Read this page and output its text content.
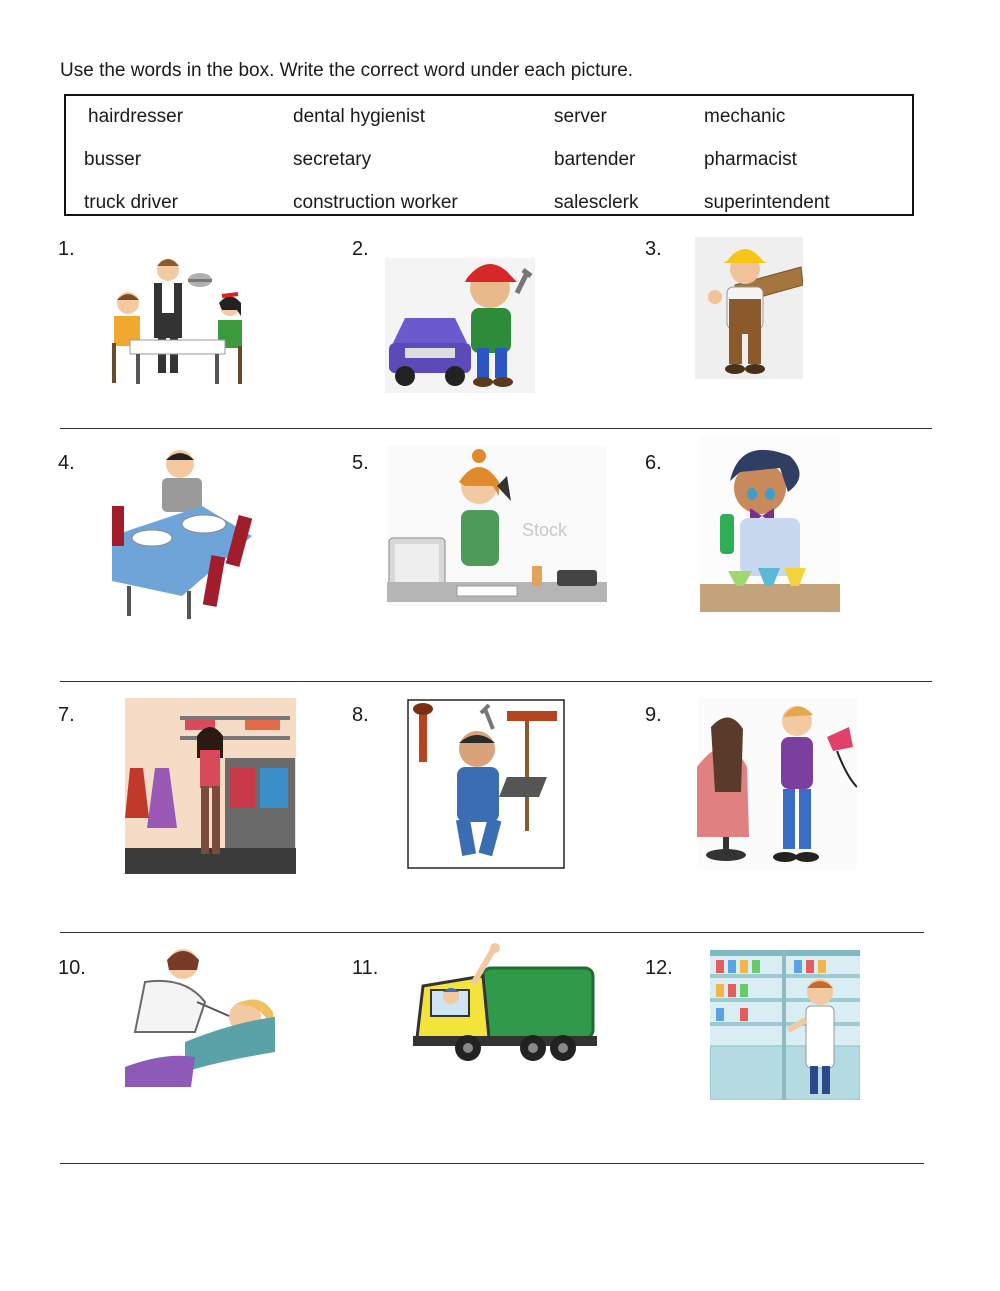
Use the words in the box. Write the correct word under each picture.
hairdresser	dental hygienist	server	mechanic
busser	secretary	bartender	pharmacist
truck driver	construction worker	salesclerk	superintendent
1.	2.	3.
4.	5.	6.
Stock
7.	8.	9.
10.	11.	12.
